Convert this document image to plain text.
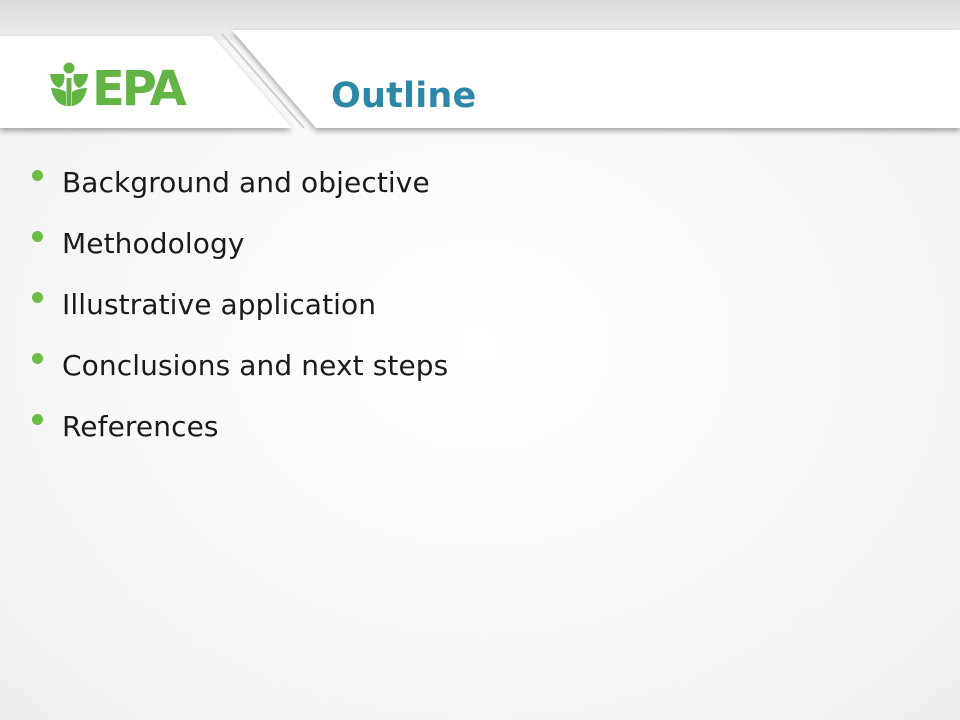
EPA	Outline
Background and objective
Methodology
Illustrative application
Conclusions and next steps
References
